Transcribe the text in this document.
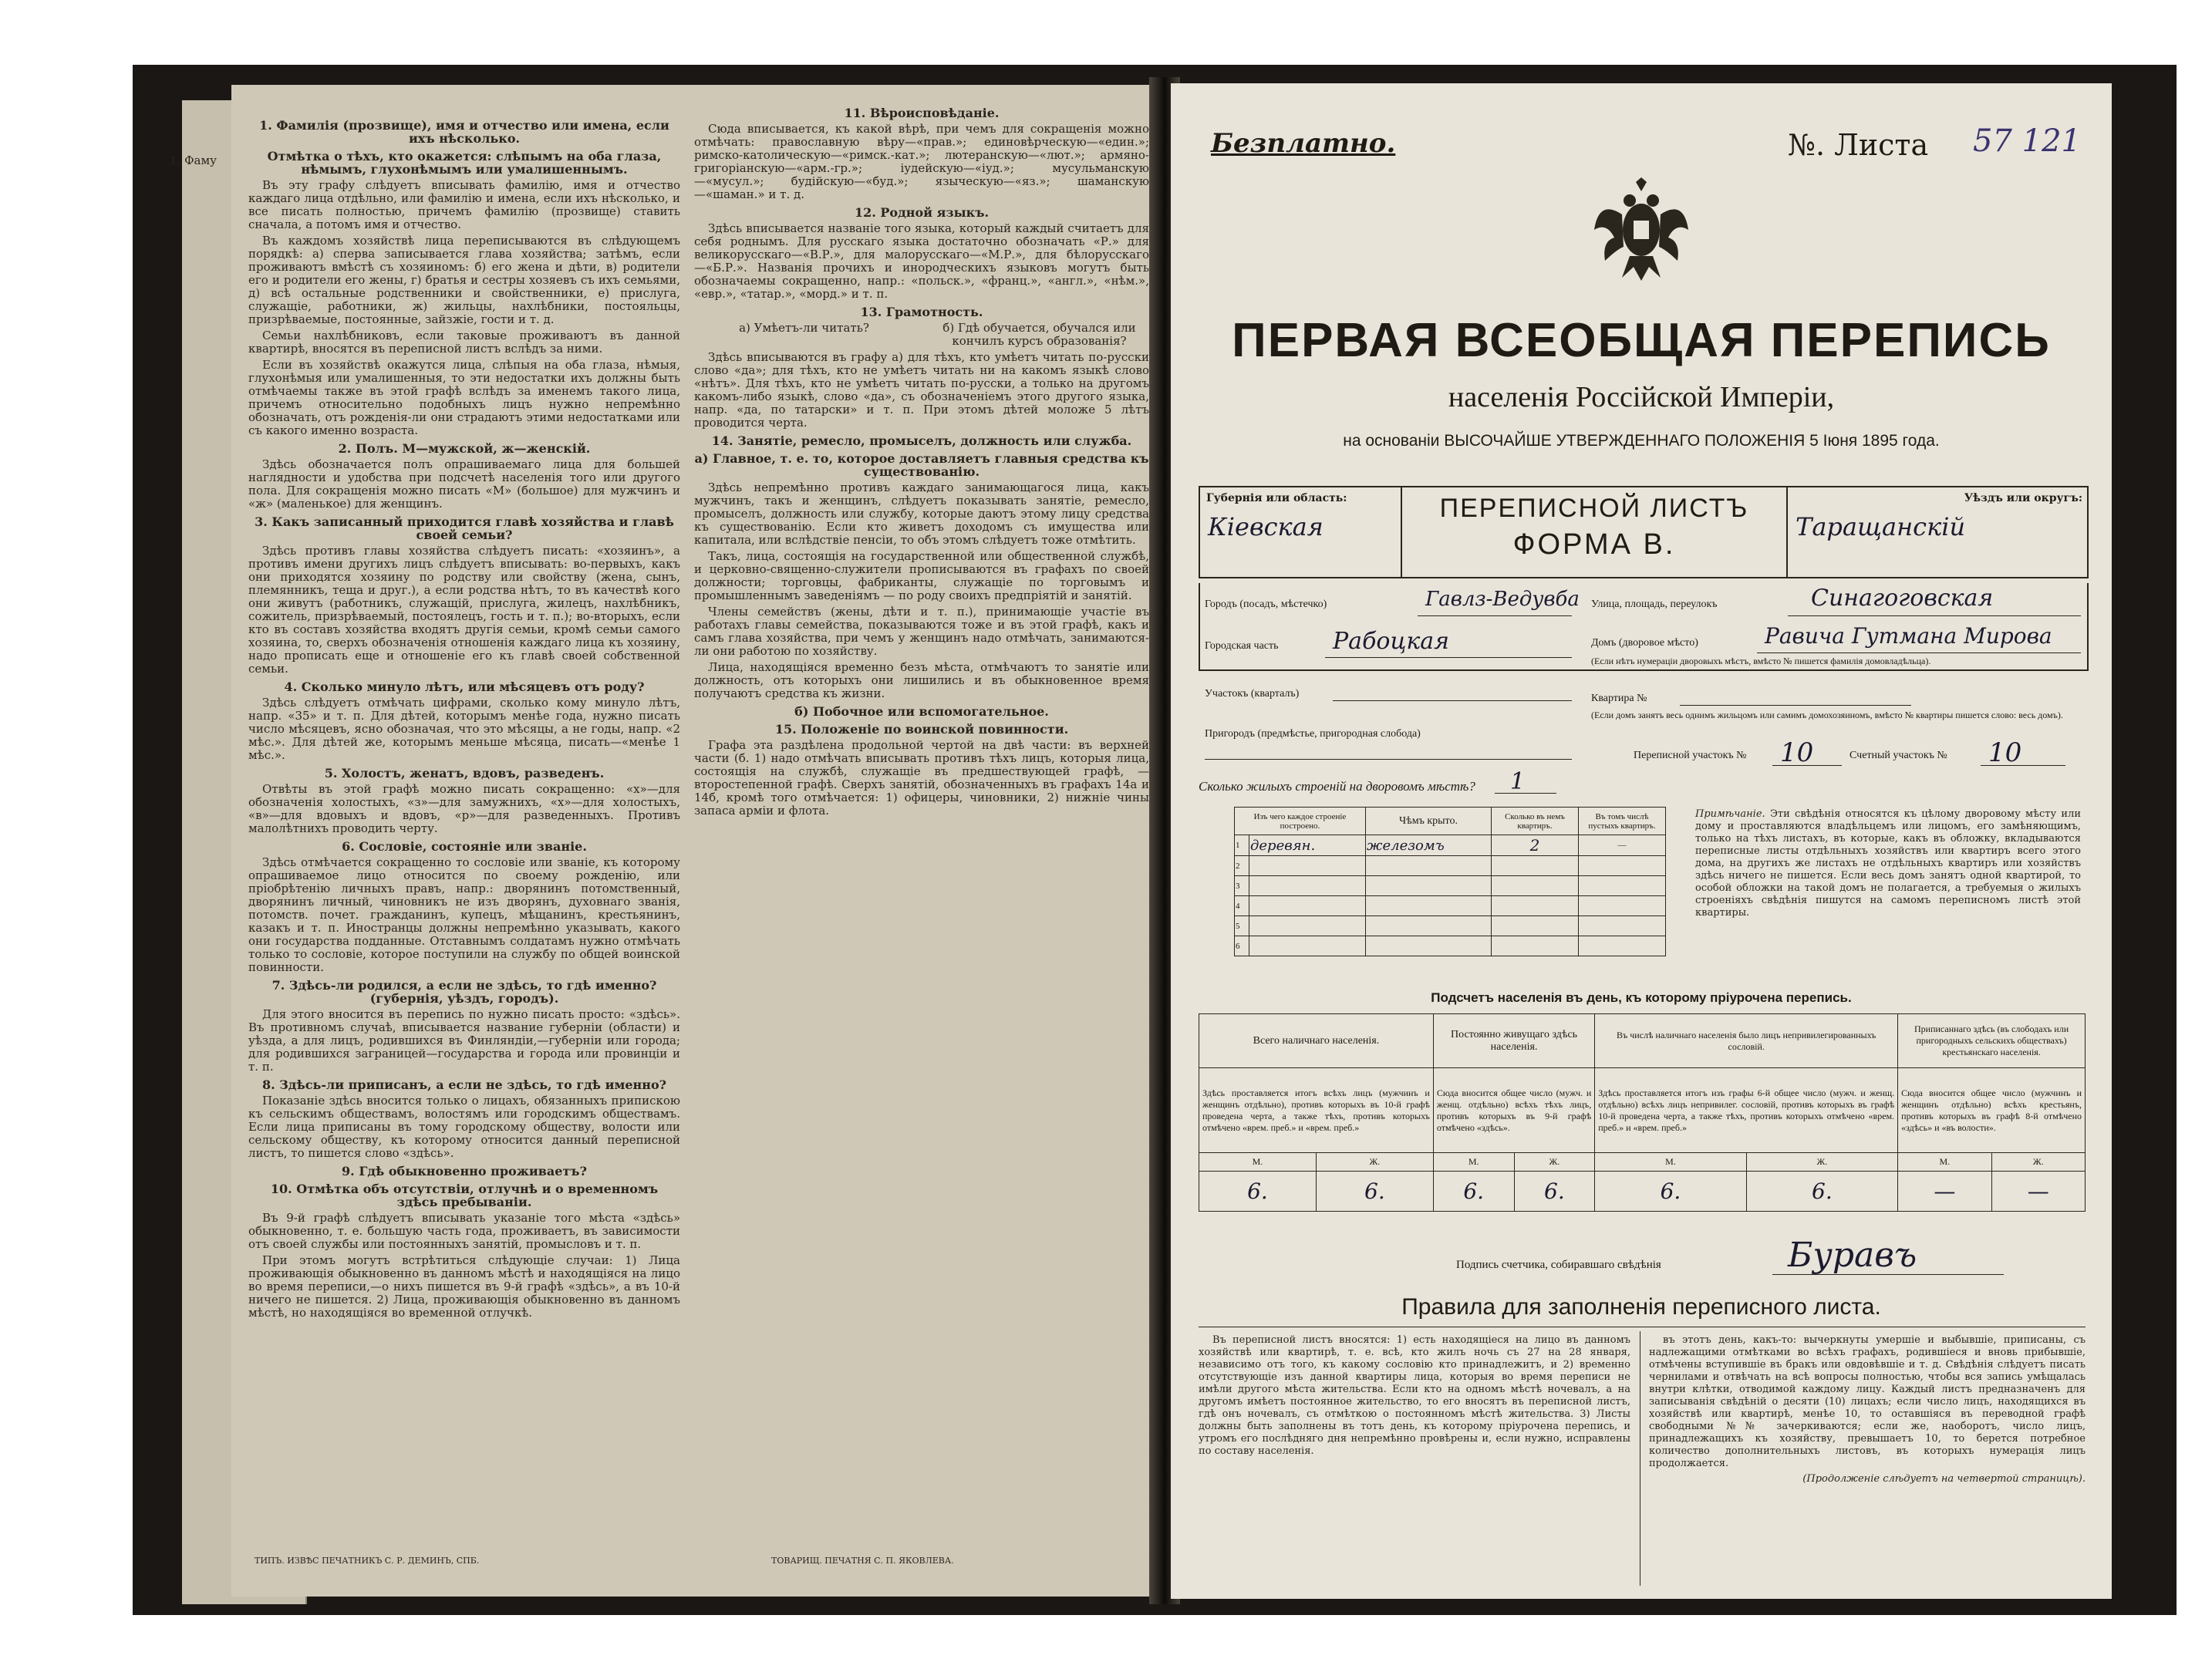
1. Фаму
1. Фамилія (прозвище), имя и отчество или имена, если ихъ нѣсколько.
Отмѣтка о тѣхъ, кто окажется: слѣпымъ на оба глаза, нѣмымъ, глухонѣмымъ или умалишеннымъ.

Въ эту графу слѣдуетъ вписывать фамилію, имя и отчество каждаго лица отдѣльно, или фамилію и имена, если ихъ нѣсколько, и все писать полностью, причемъ фамилію (прозвище) ставить сначала, а потомъ имя и отчество.

Въ каждомъ хозяйствѣ лица переписываются въ слѣдующемъ порядкѣ: а) сперва записывается глава хозяйства; затѣмъ, если проживаютъ вмѣстѣ съ хозяиномъ: б) его жена и дѣти, в) родители его и родители его жены, г) братья и сестры хозяевъ съ ихъ семьями, д) всѣ остальные родственники и свойственники, е) прислуга, служащіе, работники, ж) жильцы, нахлѣбники, постояльцы, призрѣваемые, постоянные, зайзжіе, гости и т. д.

Семьи нахлѣбниковъ, если таковые проживаютъ въ данной квартирѣ, вносятся въ переписной листъ вслѣдъ за ними.

Если въ хозяйствѣ окажутся лица, слѣпыя на оба глаза, нѣмыя, глухонѣмыя или умалишенныя, то эти недостатки ихъ должны быть отмѣчаемы также въ этой графѣ вслѣдъ за именемъ такого лица, причемъ относительно подобныхъ лицъ нужно непремѣнно обозначать, отъ рожденія-ли они страдаютъ этими недостатками или съ какого именно возраста.

2. Полъ. М—мужской, ж—женскій.

Здѣсь обозначается полъ опрашиваемаго лица для большей наглядности и удобства при подсчетѣ населенія того или другого пола. Для сокращенія можно писать «М» (большое) для мужчинъ и «ж» (маленькое) для женщинъ.

3. Какъ записанный приходится главѣ хозяйства и главѣ своей семьи?

Здѣсь противъ главы хозяйства слѣдуетъ писать: «хозяинъ», а противъ имени другихъ лицъ слѣдуетъ вписывать: во-первыхъ, какъ они приходятся хозяину по родству или свойству (жена, сынъ, племянникъ, теща и друг.), а если родства нѣтъ, то въ качествѣ кого они живутъ (работникъ, служащій, прислуга, жилецъ, нахлѣбникъ, сожитель, призрѣваемый, постоялецъ, гость и т. п.); во-вторыхъ, если кто въ составъ хозяйства входятъ другія семьи, кромѣ семьи самого хозяина, то, сверхъ обозначенія отношенія каждаго лица къ хозяину, надо прописать еще и отношеніе его къ главѣ своей собственной семьи.

4. Сколько минуло лѣтъ, или мѣсяцевъ отъ роду?

Здѣсь слѣдуетъ отмѣчать цифрами, сколько кому минуло лѣтъ, напр. «35» и т. п. Для дѣтей, которымъ менѣе года, нужно писать число мѣсяцевъ, ясно обозначая, что это мѣсяцы, а не годы, напр. «2 мѣс.». Для дѣтей же, которымъ меньше мѣсяца, писать—«менѣе 1 мѣс.».

5. Холостъ, женатъ, вдовъ, разведенъ.

Отвѣты въ этой графѣ можно писать сокращенно: «х»—для обозначенія холостыхъ, «з»—для замужнихъ, «х»—для холостыхъ, «в»—для вдовыхъ и вдовъ, «р»—для разведенныхъ. Противъ малолѣтнихъ проводить черту.

6. Сословіе, состояніе или званіе.

Здѣсь отмѣчается сокращенно то сословіе или званіе, къ которому опрашиваемое лицо относится по своему рожденію, или пріобрѣтенію личныхъ правъ, напр.: дворянинъ потомственный, дворянинъ личный, чиновникъ не изъ дворянъ, духовнаго званія, потомств. почет. гражданинъ, купецъ, мѣщанинъ, крестьянинъ, казакъ и т. п. Иностранцы должны непремѣнно указывать, какого они государства подданные. Отставнымъ солдатамъ нужно отмѣчать только то сословіе, которое поступили на службу по общей воинской повинности.

7. Здѣсь-ли родился, а если не здѣсь, то гдѣ именно? (губернія, уѣздъ, городъ).

Для этого вносится въ перепись по нужно писать просто: «здѣсь». Въ противномъ случаѣ, вписывается название губерніи (области) и уѣзда, а для лицъ, родившихся въ Финляндіи,—губерніи или города; для родившихся заграницей—государства и города или провинціи и т. п.

8. Здѣсь-ли приписанъ, а если не здѣсь, то гдѣ именно?

Показаніе здѣсь вносится только о лицахъ, обязанныхъ припискою къ сельскимъ обществамъ, волостямъ или городскимъ обществамъ. Если лица приписаны въ тому городскому обществу, волости или сельскому обществу, къ которому относится данный переписной листъ, то пишется слово «здѣсь».

9. Гдѣ обыкновенно проживаетъ?
10. Отмѣтка объ отсутствіи, отлучнѣ и о временномъ здѣсь пребываніи.

Въ 9-й графѣ слѣдуетъ вписывать указаніе того мѣста «здѣсь» обыкновенно, т. е. большую часть года, проживаетъ, въ зависимости отъ своей службы или постоянныхъ занятій, промысловъ и т. п.

При этомъ могутъ встрѣтиться слѣдующіе случаи: 1) Лица проживающія обыкновенно въ данномъ мѣстѣ и находящіяся на лицо во время переписи,—о нихъ пишется въ 9-й графѣ «здѣсь», а въ 10-й ничего не пишется. 2) Лица, проживающія обыкновенно въ данномъ мѣстѣ, но находящіяся во временной отлучкѣ.

ТИПЪ. ИЗВѢС ПЕЧАТНИКЪ С. Р. ДЕМИНЪ, СПБ.
11. Вѣроисповѣданіе.

Сюда вписывается, къ какой вѣрѣ, при чемъ для сокращенія можно отмѣчать: православную вѣру—«прав.»; единовѣрческую—«един.»; римско-католическую—«римск.-кат.»; лютеранскую—«лют.»; армяно-григоріанскую—«арм.-гр.»; іудейскую—«іуд.»; мусульманскую—«мусул.»; будійскую—«буд.»; язычеcкую—«яз.»; шаманскую—«шаман.» и т. д.

12. Родной языкъ.

Здѣсь вписывается названіе того языка, который каждый считаетъ для себя роднымъ. Для русскаго языка достаточно обозначать «Р.» для великорусскаго—«В.Р.», для малорусскаго—«М.Р.», для бѣлорусскаго—«Б.Р.». Названія прочихъ и инородческихъ языковъ могутъ быть обозначаемы сокращенно, напр.: «польск.», «франц.», «англ.», «нѣм.», «евр.», «татар.», «морд.» и т. п.

13. Грамотность.
а) Умѣетъ-ли читать?	б) Гдѣ обучается, обучался или кончилъ курсъ образованія?

Здѣсь вписываются въ графу а) для тѣхъ, кто умѣетъ читать по-русски слово «да»; для тѣхъ, кто не умѣетъ читать ни на какомъ языкѣ слово «нѣтъ». Для тѣхъ, кто не умѣетъ читать по-русски, а только на другомъ какомъ-либо языкѣ, слово «да», съ обозначеніемъ этого другого языка, напр. «да, по татарски» и т. п. При этомъ дѣтей моложе 5 лѣтъ проводится черта.

14. Занятіе, ремесло, промыселъ, должность или служба.
а) Главное, т. е. то, которое доставляетъ главныя средства къ существованію.

Здѣсь непремѣнно противъ каждаго занимающагося лица, какъ мужчинъ, такъ и женщинъ, слѣдуетъ показывать занятіе, ремесло, промыселъ, должность или службу, которые даютъ этому лицу средства къ существованію. Если кто живетъ доходомъ съ имущества или капитала, или вслѣдствіе пенсіи, то объ этомъ слѣдуетъ тоже отмѣтить.

Такъ, лица, состоящія на государственной или общественной службѣ, и церковно-священно-служители прописываются въ графахъ по своей должности; торговцы, фабриканты, служащіе по торговымъ и промышленнымъ заведеніямъ — по роду своихъ предпріятій и занятій.

Члены семействъ (жены, дѣти и т. п.), принимающіе участіе въ работахъ главы семейства, показываются тоже и въ этой графѣ, какъ и самъ глава хозяйства, при чемъ у женщинъ надо отмѣчать, занимаются-ли они работою по хозяйству.

Лица, находящіяся временно безъ мѣста, отмѣчаютъ то занятіе или должность, отъ которыхъ они лишились и въ обыкновенное время получаютъ средства къ жизни.

б) Побочное или вспомогательное.
15. Положеніе по воинской повинности.

Графа эта раздѣлена продольной чертой на двѣ части: въ верхней части (б. 1) надо отмѣчать вписывать противъ тѣхъ лицъ, которыя лица, состоящія на службѣ, служащіе въ предшествующей графѣ, — второстепенной графѣ. Сверхъ занятій, обозначенныхъ въ графахъ 14а и 14б, кромѣ того отмѣчается: 1) офицеры, чиновники, 2) нижніе чины запаса арміи и флота.

ТОВАРИЩ. ПЕЧАТНЯ С. П. ЯКОВЛЕВА.
Безплатно.	№. Листа 57 121
ПЕРВАЯ ВСЕОБЩАЯ ПЕРЕПИСЬ
населенія Россійской Имперіи,
на основаніи ВЫСОЧАЙШЕ УТВЕРЖДЕННАГО ПОЛОЖЕНІЯ 5 Іюня 1895 года.
Губернія или область:
Кіевская
ПЕРЕПИСНОЙ ЛИСТЪ
ФОРМА В.
Уѣздъ или округъ:
Таращанскій
Городъ (посадъ, мѣстечко)	Гавлз-Ведувба Улица, площадь, переулокъ	Синагоговская
Городская часть Рабоцкая	Домъ (дворовое мѣсто)	Равича Гутмана Мирова
(Если нѣтъ нумераціи дворовыхъ мѣстъ, вмѣсто № пишется фамилія домовладѣльца).
Участокъ (кварталъ)	Квартира №
Пригородъ (предмѣстье, пригородная слобода)
(Если домъ занятъ весь однимъ жильцомъ или самимъ домохозяиномъ, вмѣсто № квартиры пишется слово: весь домъ).
Переписной участокъ № 10	Счетный участокъ № 10
Сколько жилыхъ строеній на дворовомъ мѣстѣ? 1
Изъ чего каждое строеніе построено.		Чѣмъ крыто.	Сколько въ немъ квартиръ.	Въ томъ числѣ пустыхъ квартиръ.
1	деревян.	железомъ	2	—
2				
3				
4				
5				
6				
Примѣчаніе. Эти свѣдѣнія относятся къ цѣлому дворовому мѣсту или дому и проставляются владѣльцемъ или лицомъ, его замѣняющимъ, только на тѣхъ листахъ, въ которые, какъ въ обложку, вкладываются переписные листы отдѣльныхъ хозяйствъ или квартиръ всего этого дома, на другихъ же листахъ не отдѣльныхъ квартиръ или хозяйствъ здѣсь ничего не пишется. Если весь домъ занятъ одной квартирой, то особой обложки на такой домъ не полагается, а требуемыя о жилыхъ строеніяхъ свѣдѣнія пишутся на самомъ переписномъ листѣ этой квартиры.
Подсчетъ населенія въ день, къ которому пріурочена перепись.
Всего наличнаго населенія.		Постоянно живущаго здѣсь населенія.		Въ числѣ наличнаго населенія было лицъ непривилегированныхъ сословій.		Приписаннаго здѣсь (въ слободахъ или пригородныхъ сельскихъ обществахъ) крестьянскаго населенія.	
Здѣсь проставляется итогъ всѣхъ лицъ (мужчинъ и женщинъ отдѣльно), противъ которыхъ въ 10-й графѣ проведена черта, а также тѣхъ, противъ которыхъ отмѣчено «врем. преб.» и «врем. преб.»		Сюда вносится общее число (мужч. и женщ. отдѣльно) всѣхъ тѣхъ лицъ, противъ которыхъ въ 9-й графѣ отмѣчено «здѣсь».		Здѣсь проставляется итогъ изъ графы 6-й общее число (мужч. и женщ. отдѣльно) всѣхъ лицъ непривилег. сословій, противъ которыхъ въ графѣ 10-й проведена черта, а также тѣхъ, противъ которыхъ отмѣчено «врем. преб.» и «врем. преб.»		Сюда вносится общее число (мужчинъ и женщинъ отдѣльно) всѣхъ крестьянъ, противъ которыхъ въ графѣ 8-й отмѣчено «здѣсь» и «въ волости».	
М.	Ж.	М.	Ж.	М.	Ж.	М.	Ж.
6.	6.	6.	6.	6.	6.	—	—
Подпись счетчика, собиравшаго свѣдѣнія	Буравъ
Правила для заполненія переписного листа.

Въ переписной листъ вносятся: 1) есть находящіеся на лицо въ данномъ хозяйствѣ или квартирѣ, т. е. всѣ, кто жилъ ночь съ 27 на 28 января, независимо отъ того, къ какому сословію кто принадлежитъ, и 2) временно отсутствующіе изъ данной квартиры лица, которыя во время переписи не имѣли другого мѣста жительства. Если кто на одномъ мѣстѣ ночевалъ, а на другомъ имѣетъ постоянное жительство, то его вносятъ въ переписной листъ, гдѣ онъ ночевалъ, съ отмѣткою о постоянномъ мѣстѣ жительства. 3) Листы должны быть заполнены въ тотъ день, къ которому пріурочена перепись, и утромъ его послѣдняго дня непремѣнно провѣрены и, если нужно, исправлены по составу населенія.

въ этотъ день, какъ-то: вычеркнуты умершіе и выбывшіе, приписаны, съ надлежащими отмѣтками во всѣхъ графахъ, родившіеся и вновь прибывшіе, отмѣчены вступившіе въ бракъ или овдовѣвшіе и т. д. Свѣдѣнія слѣдуетъ писать чернилами и отвѣчать на всѣ вопросы полностью, чтобы вся запись умѣщалась внутри клѣтки, отводимой каждому лицу. Каждый листъ предназначенъ для записыванія свѣдѣній о десяти (10) лицахъ; если число лицъ, находящихся въ хозяйствѣ или квартирѣ, менѣе 10, то оставшіяся въ переводной графѣ свободными №№ зачеркиваются; если же, наоборотъ, число лицъ, принадлежащихъ къ хозяйству, превышаетъ 10, то берется потребное количество дополнительныхъ листовъ, въ которыхъ нумерація лицъ продолжается.

(Продолженіе слѣдуетъ на четвертой страницѣ).
